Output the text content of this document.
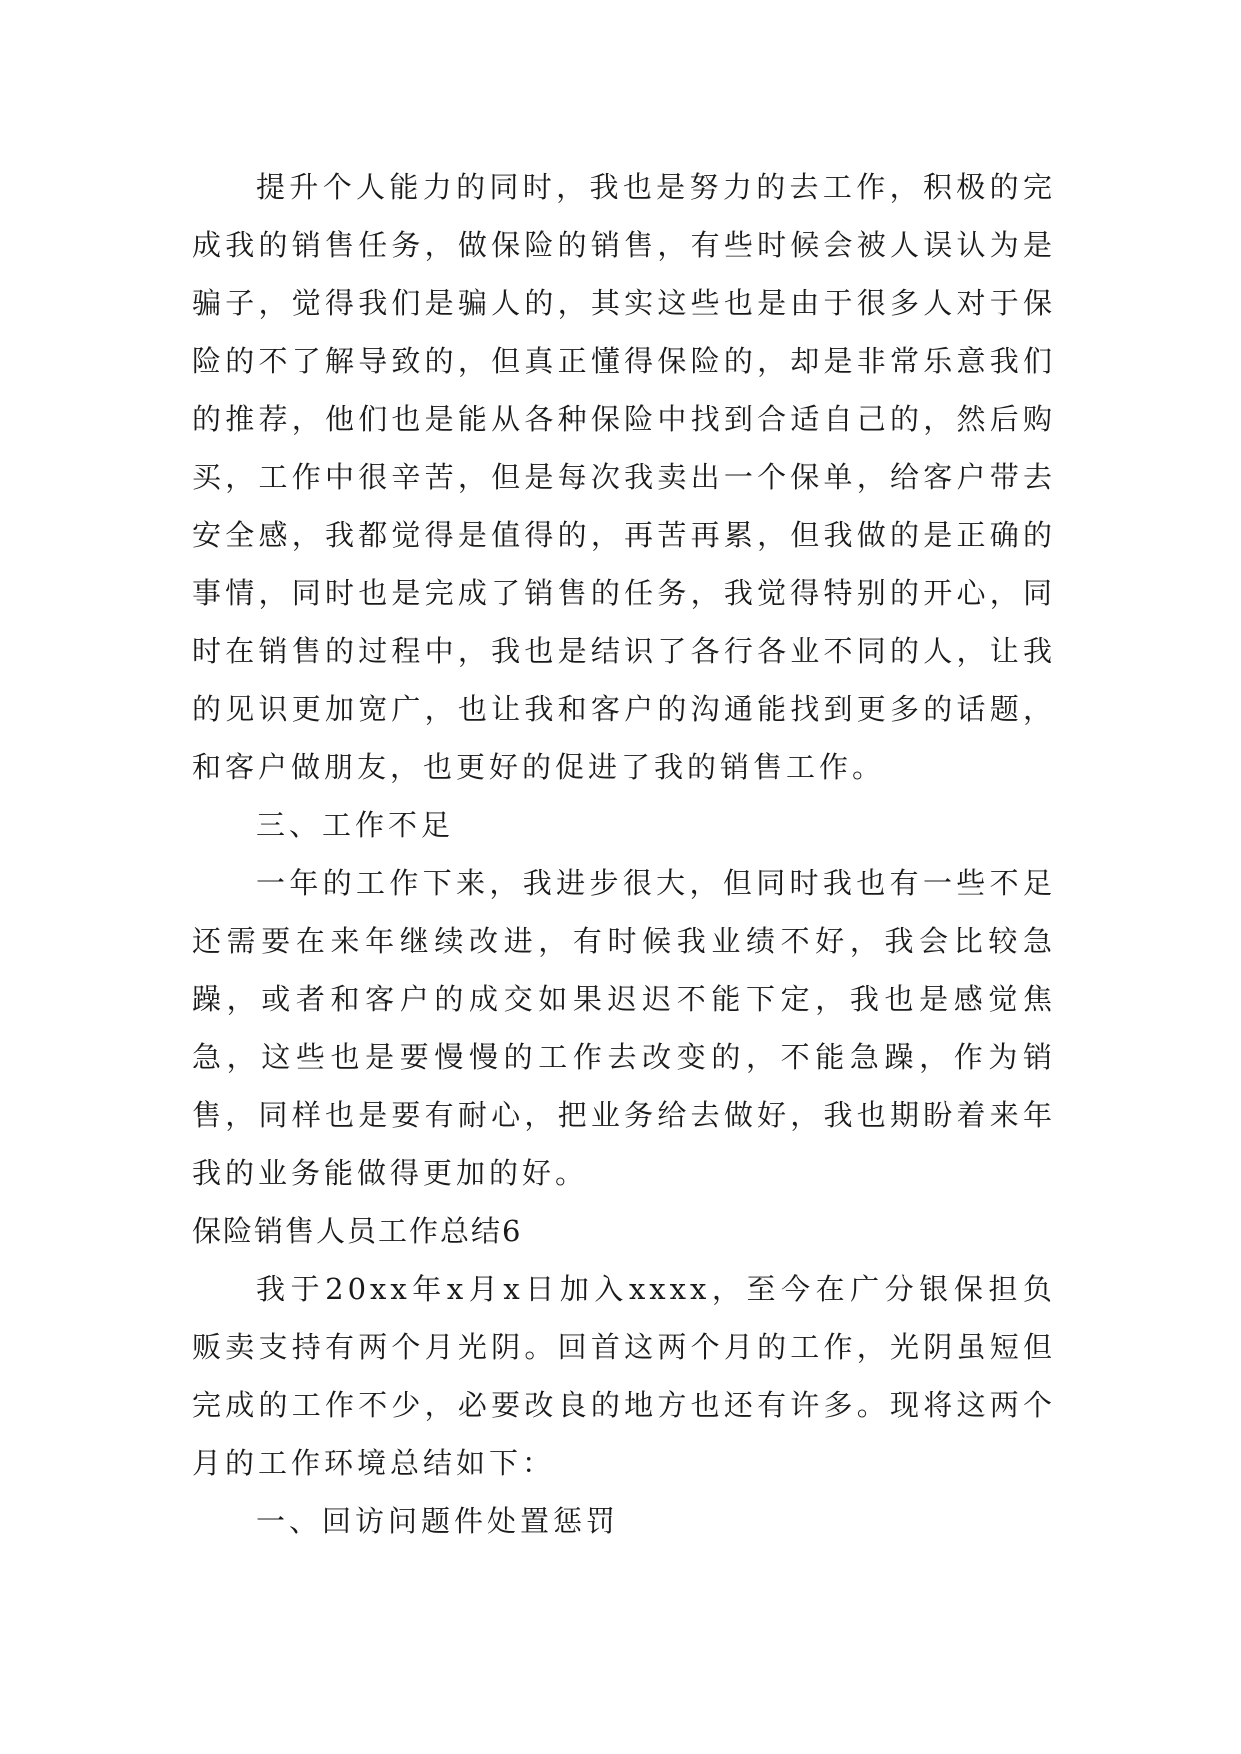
提升个人能力的同时，我也是努力的去工作，积极的完成我的销售任务，做保险的销售，有些时候会被人误认为是骗子，觉得我们是骗人的，其实这些也是由于很多人对于保险的不了解导致的，但真正懂得保险的，却是非常乐意我们的推荐，他们也是能从各种保险中找到合适自己的，然后购买，工作中很辛苦，但是每次我卖出一个保单，给客户带去安全感，我都觉得是值得的，再苦再累，但我做的是正确的事情，同时也是完成了销售的任务，我觉得特别的开心，同时在销售的过程中，我也是结识了各行各业不同的人，让我的见识更加宽广，也让我和客户的沟通能找到更多的话题，和客户做朋友，也更好的促进了我的销售工作。

三、工作不足

一年的工作下来，我进步很大，但同时我也有一些不足还需要在来年继续改进，有时候我业绩不好，我会比较急躁，或者和客户的成交如果迟迟不能下定，我也是感觉焦急，这些也是要慢慢的工作去改变的，不能急躁，作为销售，同样也是要有耐心，把业务给去做好，我也期盼着来年我的业务能做得更加的好。

保险销售人员工作总结6

我于20xx年x月x日加入xxxx，至今在广分银保担负贩卖支持有两个月光阴。回首这两个月的工作，光阴虽短但完成的工作不少，必要改良的地方也还有许多。现将这两个月的工作环境总结如下：

一、回访问题件处置惩罚
